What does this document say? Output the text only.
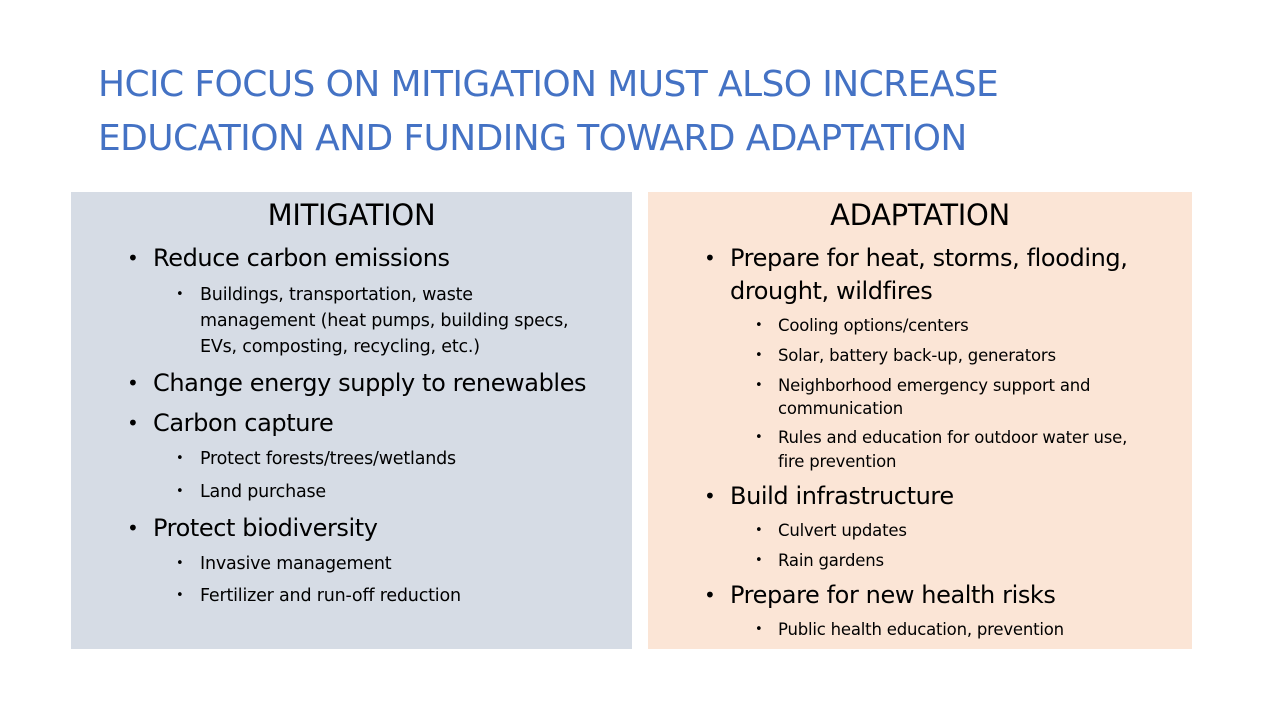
HCIC FOCUS ON MITIGATION MUST ALSO INCREASE
EDUCATION AND FUNDING TOWARD ADAPTATION
MITIGATION
• Reduce carbon emissions
• Buildings, transportation, waste
management (heat pumps, building specs,
EVs, composting, recycling, etc.)
• Change energy supply to renewables
• Carbon capture
• Protect forests/trees/wetlands
• Land purchase
• Protect biodiversity
• Invasive management
• Fertilizer and run-off reduction
ADAPTATION
• Prepare for heat, storms, flooding,
drought, wildfires
• Cooling options/centers
• Solar, battery back-up, generators
• Neighborhood emergency support and
communication
• Rules and education for outdoor water use,
fire prevention
• Build infrastructure
• Culvert updates
• Rain gardens
• Prepare for new health risks
• Public health education, prevention
